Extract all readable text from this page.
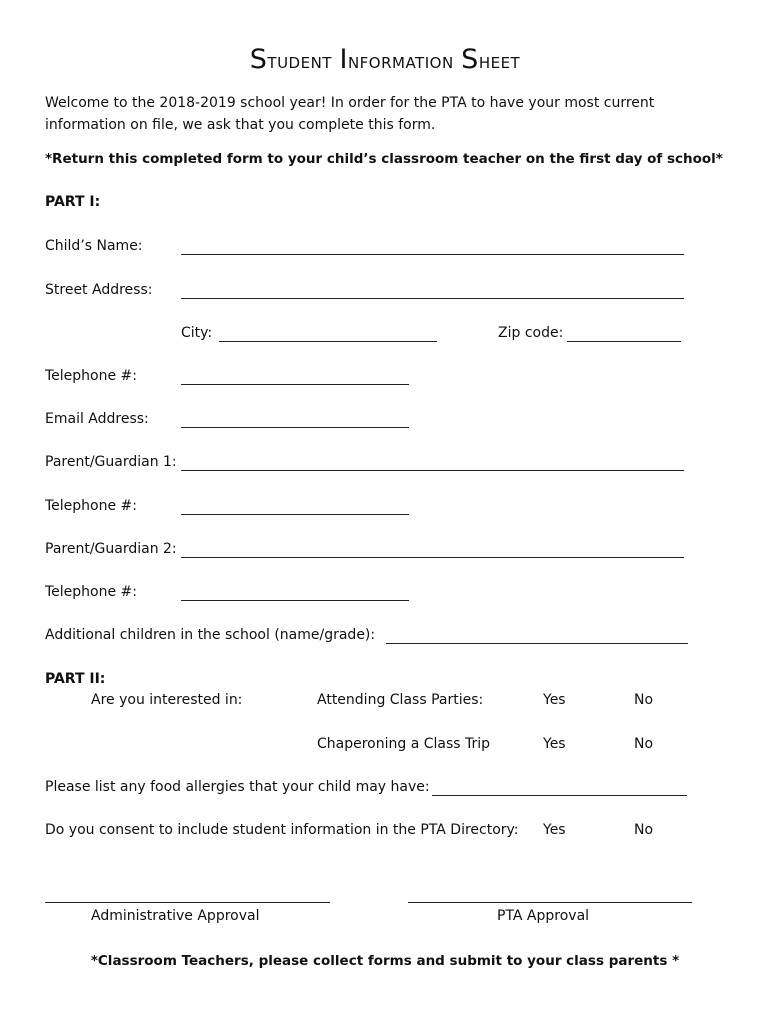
Student Information Sheet
Welcome to the 2018-2019 school year! In order for the PTA to have your most current information on file, we ask that you complete this form.
*Return this completed form to your child’s classroom teacher on the first day of school*
PART I:
Child’s Name:
Street Address:
City:	Zip code:
Telephone #:
Email Address:
Parent/Guardian 1:
Telephone #:
Parent/Guardian 2:
Telephone #:
Additional children in the school (name/grade):
PART II:
Are you interested in:	Attending Class Parties:	Yes	No
Chaperoning a Class Trip	Yes	No
Please list any food allergies that your child may have:
Do you consent to include student information in the PTA Directory: Yes	No
Administrative Approval	PTA Approval
*Classroom Teachers, please collect forms and submit to your class parents *
